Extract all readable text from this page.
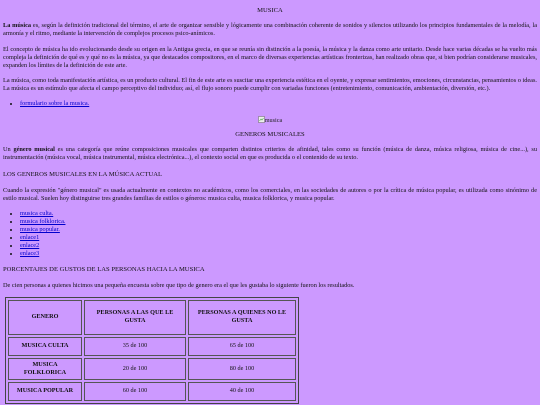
MUSICA

La música es, según la definición tradicional del término, el arte de organizar sensible y lógicamente una combinación coherente de sonidos y silencios utilizando los principios fundamentales de la melodía, la armonía y el ritmo, mediante la intervención de complejos procesos psico-anímicos.

El concepto de música ha ido evolucionando desde su origen en la Antigua grecia, en que se reunía sin distinción a la poesía, la música y la danza como arte unitario. Desde hace varias décadas se ha vuelto más compleja la definición de qué es y qué no es la música, ya que destacados compositores, en el marco de diversas experiencias artísticas fronterizas, han realizado obras que, si bien podrían considerarse musicales, expanden los límites de la definición de este arte.

La música, como toda manifestación artística, es un producto cultural. El fin de este arte es suscitar una experiencia estética en el oyente, y expresar sentimientos, emociones, circunstancias, pensamientos o ideas. La música es un estímulo que afecta el campo perceptivo del individuo; así, el flujo sonoro puede cumplir con variadas funciones (entretenimiento, comunicación, ambientación, diversión, etc.).

• formulario sobre la musica.
musica
GENEROS MUSICALES

Un género musical es una categoría que reúne composiciones musicales que comparten distintos criterios de afinidad, tales como su función (música de danza, música religiosa, música de cine...), su instrumentación (música vocal, música instrumental, música electrónica...), el contexto social en que es producida o el contenido de su texto.

LOS GENEROS MUSICALES EN LA MÚSICA ACTUAL

Cuando la expresión "género musical" es usada actualmente en contextos no académicos, como los comerciales, en las sociedades de autores o por la crítica de música popular, es utilizada como sinónimo de estilo musical. Suelen hoy distinguirse tres grandes familias de estilos o géneros: musica culta, musica folklorica, y musica popular.

• musica culta.
• musica folklorica.
• musica popular.
• enlace1
• enlace2
• enlace3
PORCENTAJES DE GUSTOS DE LAS PERSONAS HACIA LA MUSICA

De cien personas a quienes hicimos una pequeña encuesta sobre que tipo de genero era el que les gustaba lo siguiente fueron los resultados.

GENERO	PERSONAS A LAS QUE LE GUSTA	PERSONAS A QUIENES NO LE GUSTA
MUSICA CULTA	35 de 100	65 de 100
MUSICA FOLKLORICA	20 de 100	80 de 100
MUSICA POPULAR	60 de 100	40 de 100
